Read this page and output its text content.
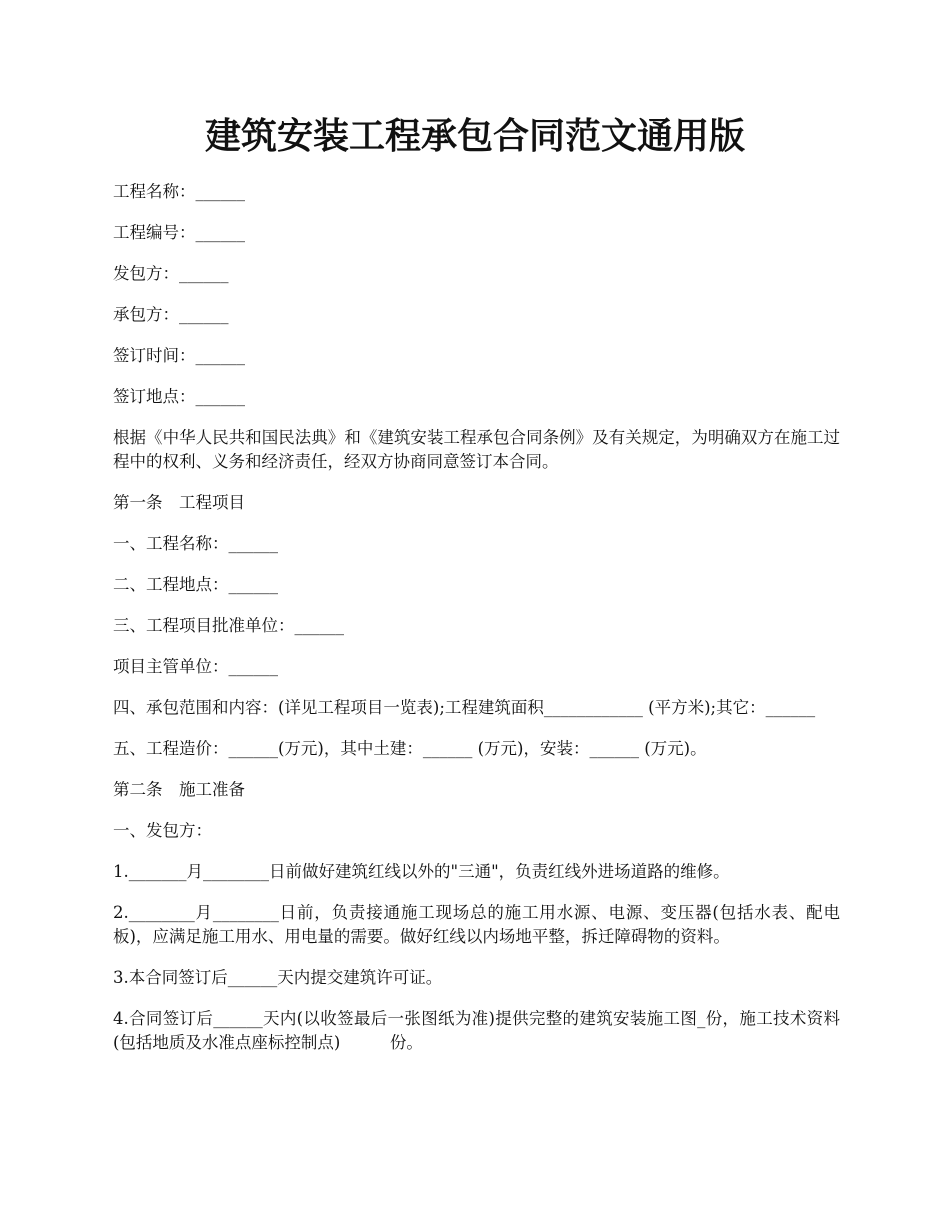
建筑安装工程承包合同范文通用版

工程名称：______

工程编号：______

发包方：______

承包方：______

签订时间：______

签订地点：______

根据《中华人民共和国民法典》和《建筑安装工程承包合同条例》及有关规定，为明确双方在施工过程中的权利、义务和经济责任，经双方协商同意签订本合同。

第一条　工程项目

一、工程名称：______

二、工程地点：______

三、工程项目批准单位：______

项目主管单位：______

四、承包范围和内容：(详见工程项目一览表);工程建筑面积____________ (平方米);其它：______

五、工程造价：______(万元)，其中土建：______ (万元)，安装：______ (万元)。

第二条　施工准备

一、发包方：

1._______月________日前做好建筑红线以外的"三通"，负责红线外进场道路的维修。

2.________月________日前，负责接通施工现场总的施工用水源、电源、变压器(包括水表、配电板)，应满足施工用水、用电量的需要。做好红线以内场地平整，拆迁障碍物的资料。

3.本合同签订后______天内提交建筑许可证。

4.合同签订后______天内(以收签最后一张图纸为准)提供完整的建筑安装施工图_份，施工技术资料(包括地质及水准点座标控制点)　　　份。
